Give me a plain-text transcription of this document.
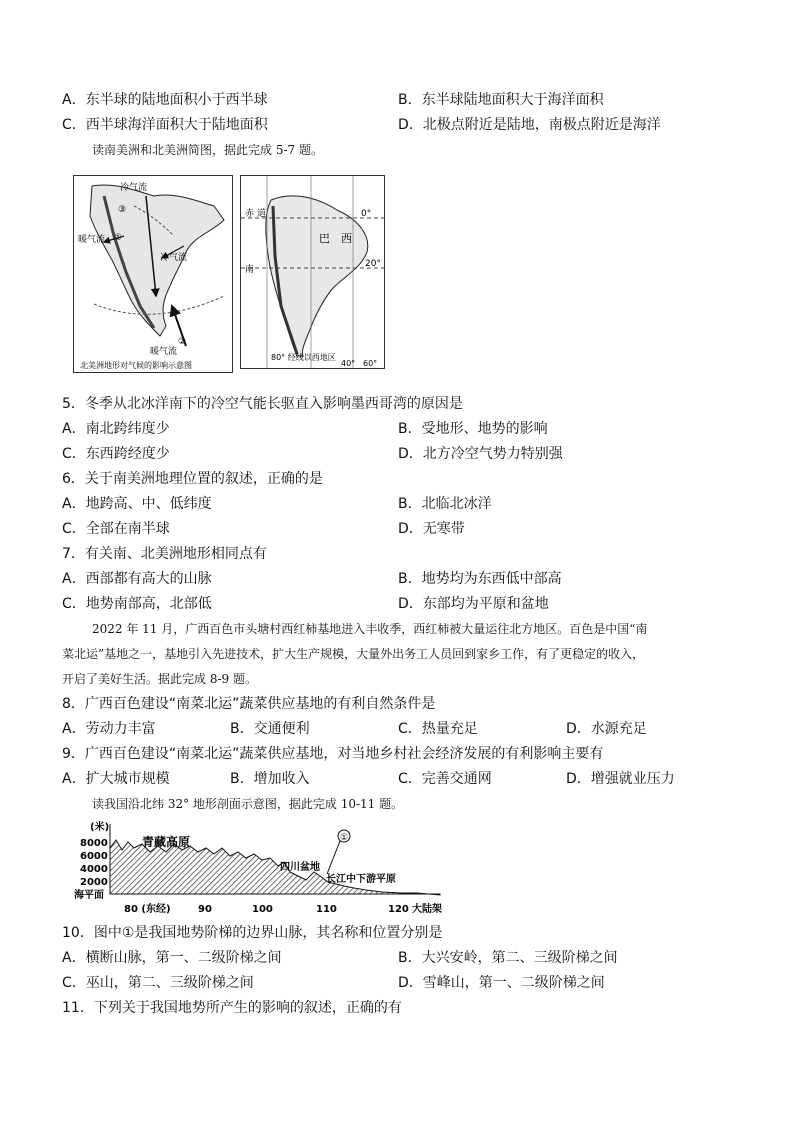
A．东半球的陆地面积小于西半球	B．东半球陆地面积大于海洋面积
C．西半球海洋面积大于陆地面积	D．北极点附近是陆地，南极点附近是海洋
读南美洲和北美洲简图，据此完成 5-7 题。
冷气流
暖气流
冷气流
暖气流
③
①
②
北美洲地形对气候的影响示意图
赤 道
南
0°
20°
巴 西
80° 经线以西地区
40° 60°
5．冬季从北冰洋南下的冷空气能长驱直入影响墨西哥湾的原因是
A．南北跨纬度少	B．受地形、地势的影响
C．东西跨经度少	D．北方冷空气势力特别强
6．关于南美洲地理位置的叙述，正确的是
A．地跨高、中、低纬度	B．北临北冰洋
C．全部在南半球	D．无寒带
7．有关南、北美洲地形相同点有
A．西部都有高大的山脉	B．地势均为东西低中部高
C．地势南部高，北部低	D．东部均为平原和盆地
2022 年 11 月，广西百色市头塘村西红柿基地进入丰收季，西红柿被大量运往北方地区。百色是中国“南
菜北运”基地之一，基地引入先进技术，扩大生产规模，大量外出务工人员回到家乡工作，有了更稳定的收入，
开启了美好生活。据此完成 8-9 题。
8．广西百色建设“南菜北运”蔬菜供应基地的有利自然条件是
A．劳动力丰富	B．交通便利	C．热量充足	D．水源充足
9．广西百色建设“南菜北运”蔬菜供应基地，对当地乡村社会经济发展的有利影响主要有
A．扩大城市规模	B．增加收入	C．完善交通网	D．增强就业压力
读我国沿北纬 32° 地形剖面示意图，据此完成 10-11 题。
①
(米)
8000
6000
4000
2000
海平面
80 (东经)	90	100	110	120
青藏高原
四川盆地
长江中下游平原
大陆架
10．图中①是我国地势阶梯的边界山脉，其名称和位置分别是
A．横断山脉，第一、二级阶梯之间	B．大兴安岭，第二、三级阶梯之间
C．巫山，第二、三级阶梯之间	D．雪峰山，第一、二级阶梯之间
11．下列关于我国地势所产生的影响的叙述，正确的有
